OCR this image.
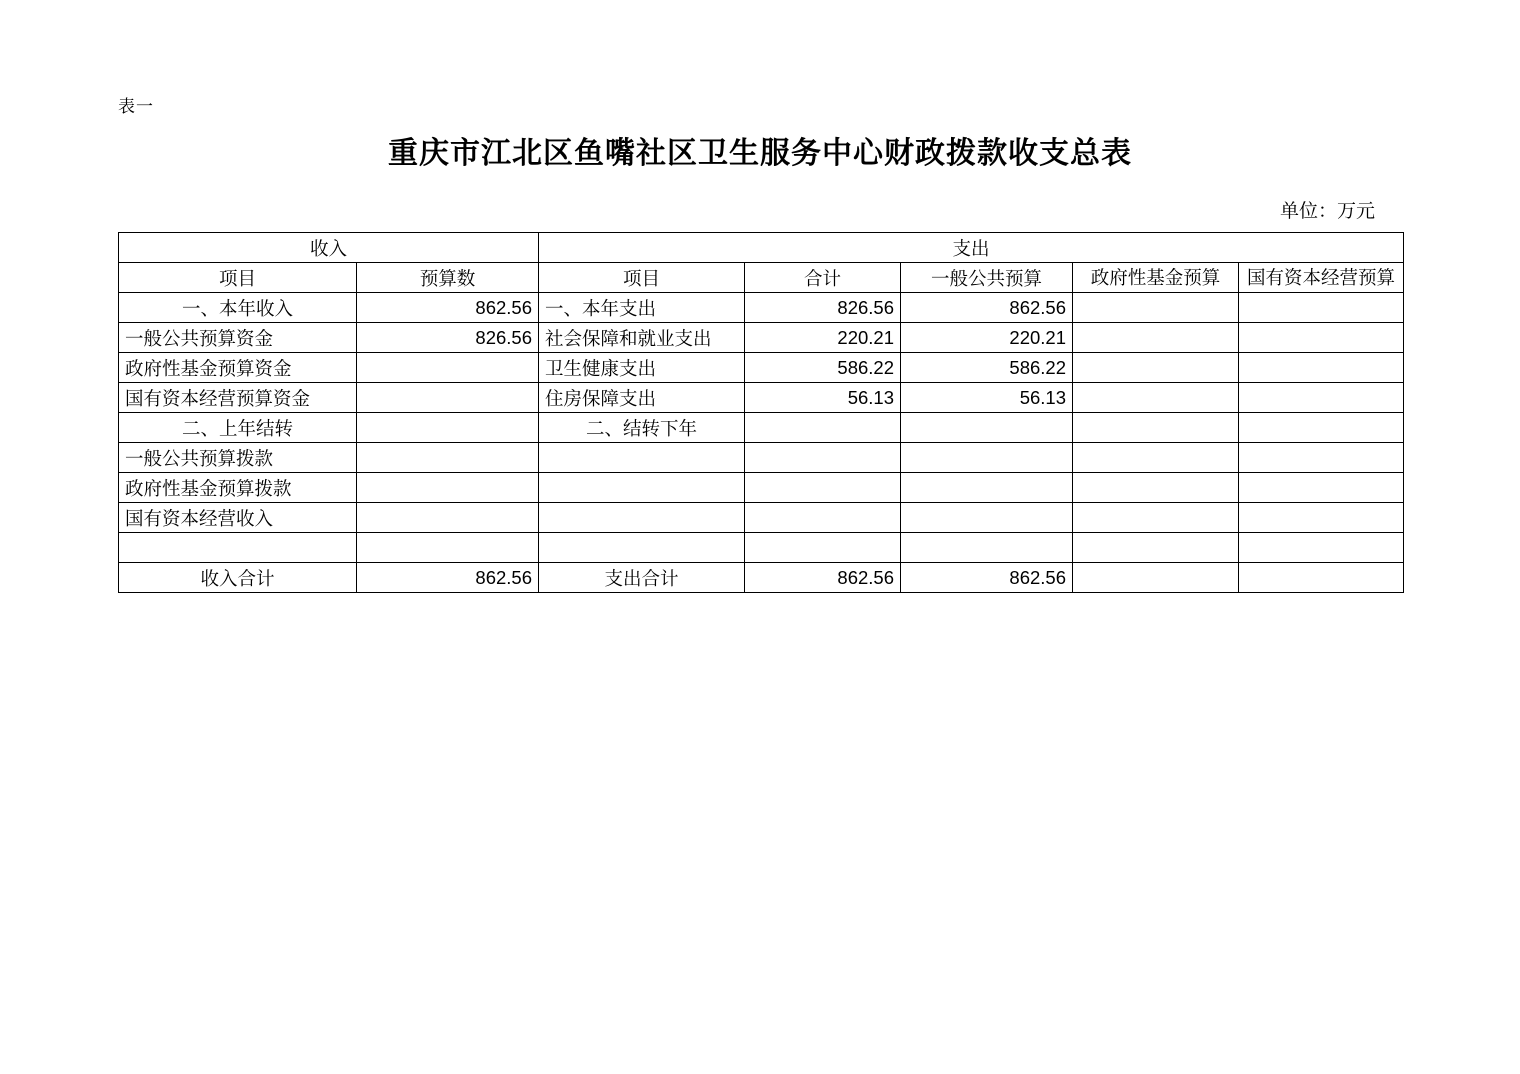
表一
重庆市江北区鱼嘴社区卫生服务中心财政拨款收支总表
单位：万元
收入		支出				
项目	预算数	项目	合计	一般公共预算	政府性基金预算	国有资本经营预算
一、本年收入	862.56	一、本年支出	826.56	862.56		
一般公共预算资金	826.56	社会保障和就业支出	220.21	220.21		
政府性基金预算资金		卫生健康支出	586.22	586.22		
国有资本经营预算资金		住房保障支出	56.13	56.13		
二、上年结转		二、结转下年				
一般公共预算拨款						
政府性基金预算拨款						
国有资本经营收入						

收入合计	862.56	支出合计	862.56	862.56		
